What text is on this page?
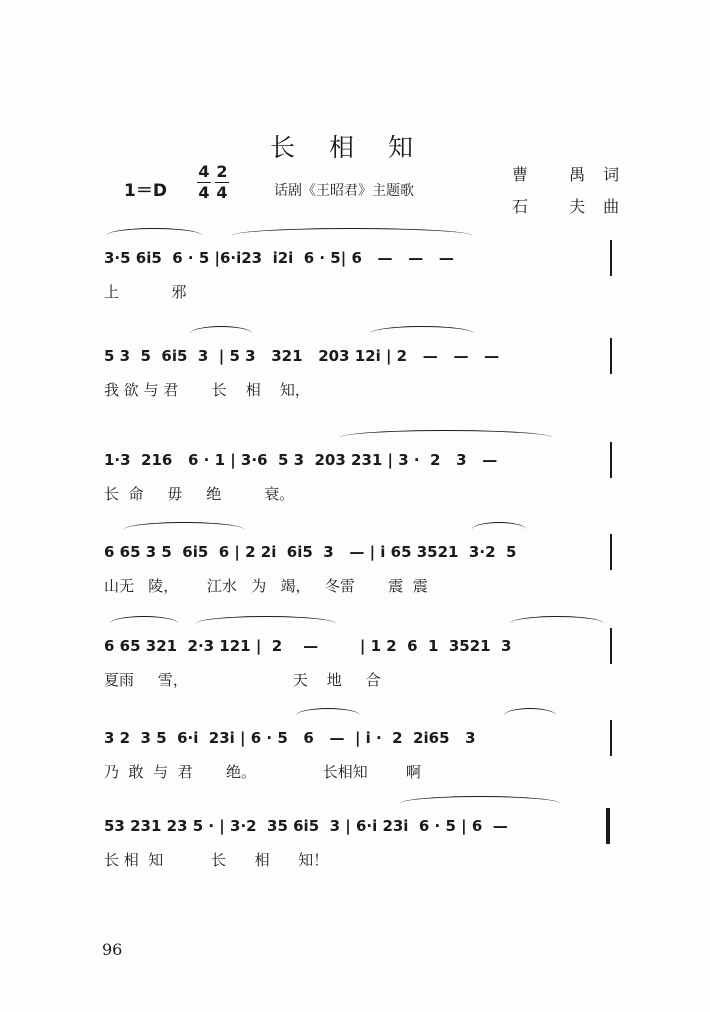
长相知
1＝D
4
4
2
4	话剧《王昭君》主题歌
曹 禺词
石 夫曲
3·5 6i5  6 · 5 |6·i23  i2i  6 · 5| 6   —   —   —
上           邪
5 3  5  6i5  3  | 5 3   321   203 12i | 2   —   —   —
我 欲 与 君       长    相    知，
1·3  216   6 · 1 | 3·6  5 3  203 231 | 3 ·  2   3   —
长  命     毋     绝         衰。
6 65 3 5  6i5  6 | 2 2i  6i5  3   — | i 65 3521  3·2  5
山无   陵，      江水   为   竭，   冬雷       震  震
6 65 321  2·3 121 |  2    —        | 1 2  6  1  3521  3
夏雨     雪，                      天    地     合
3 2  3 5  6·i  23i | 6 · 5   6   —  | i ·  2  2i65   3
乃  敢  与  君       绝。              长相知        啊
53 231 23 5 · | 3·2  35 6i5  3 | 6·i 23i  6 · 5 | 6  —
长 相  知          长      相      知！
96
